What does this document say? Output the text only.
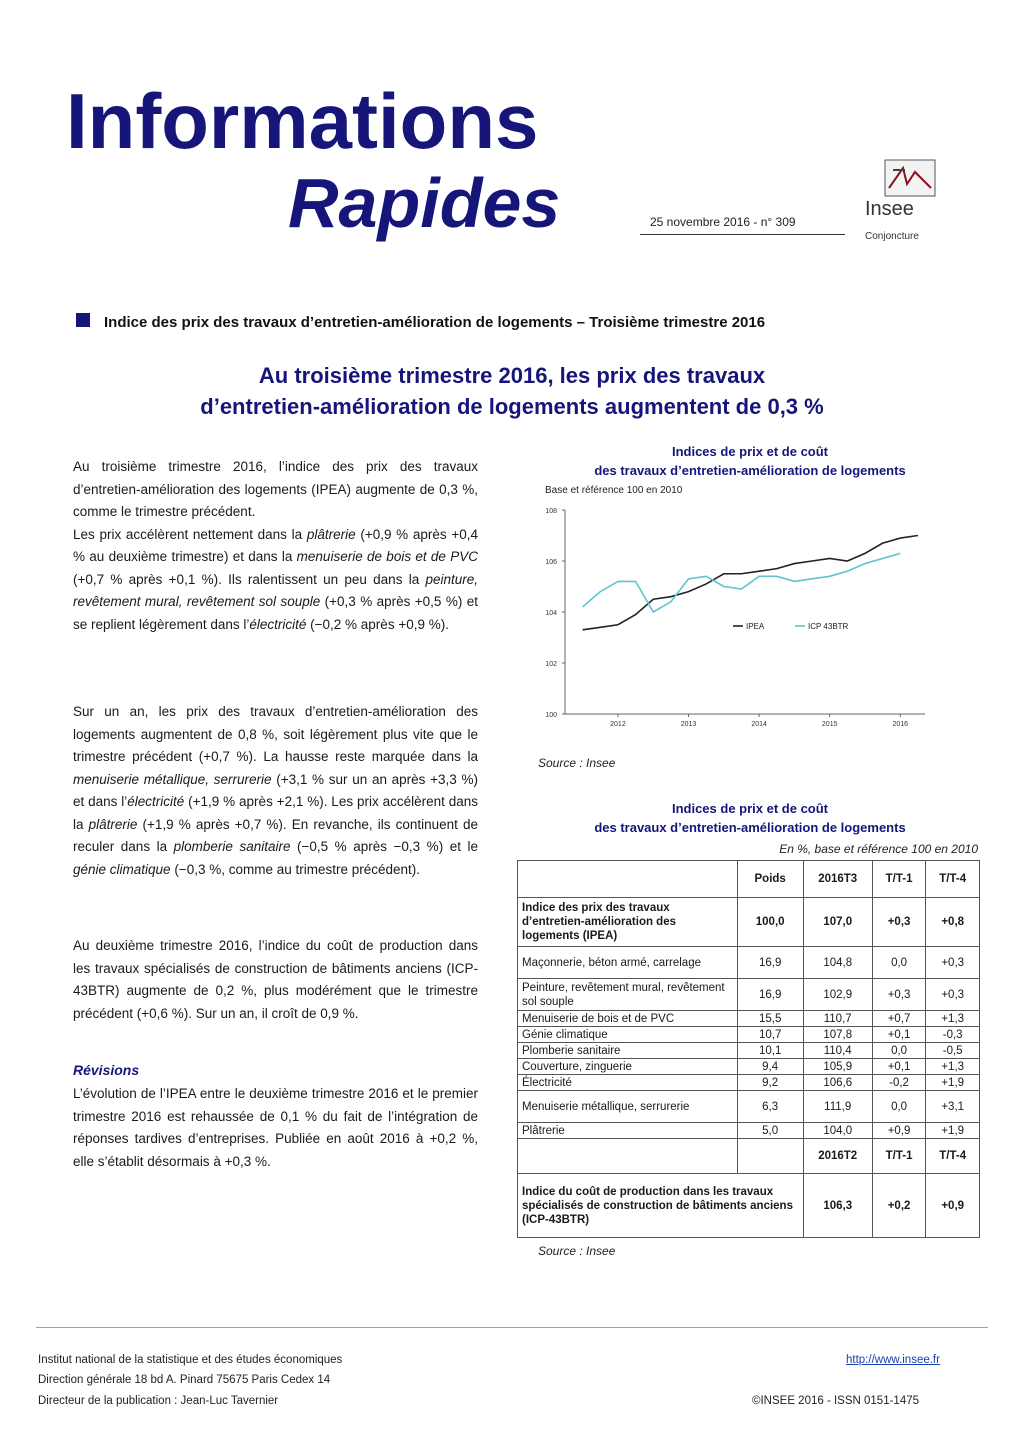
Informations
Rapides	25 novembre 2016 - n° 309
Insee
Conjoncture
Indice des prix des travaux d’entretien-amélioration de logements – Troisième trimestre 2016
Au troisième trimestre 2016, les prix des travaux
d’entretien-amélioration de logements augmentent de 0,3 %

Au troisième trimestre 2016, l’indice des prix des travaux d’entretien-amélioration des logements (IPEA) augmente de 0,3 %, comme le trimestre précédent.

Les prix accélèrent nettement dans la plâtrerie (+0,9 % après +0,4 % au deuxième trimestre) et dans la menuiserie de bois et de PVC (+0,7 % après +0,1 %). Ils ralentissent un peu dans la peinture, revêtement mural, revêtement sol souple (+0,3 % après +0,5 %) et se replient légèrement dans l’électricité (−0,2 % après +0,9 %).

Sur un an, les prix des travaux d’entretien-amélioration des logements augmentent de 0,8 %, soit légèrement plus vite que le trimestre précédent (+0,7 %). La hausse reste marquée dans la menuiserie métallique, serrurerie (+3,1 % sur un an après +3,3 %) et dans l’électricité (+1,9 % après +2,1 %). Les prix accélèrent dans la plâtrerie (+1,9 % après +0,7 %). En revanche, ils continuent de reculer dans la plomberie sanitaire (−0,5 % après −0,3 %) et le génie climatique (−0,3 %, comme au trimestre précédent).

Au deuxième trimestre 2016, l’indice du coût de production dans les travaux spécialisés de construction de bâtiments anciens (ICP-43BTR) augmente de 0,2 %, plus modérément que le trimestre précédent (+0,6 %). Sur un an, il croît de 0,9 %.

Révisions

L’évolution de l’IPEA entre le deuxième trimestre 2016 et le premier trimestre 2016 est rehaussée de 0,1 % du fait de l’intégration de réponses tardives d’entreprises. Publiée en août 2016 à +0,2 %, elle s’établit désormais à +0,3 %.

Indices de prix et de coût
des travaux d’entretien-amélioration de logements
Base et référence 100 en 2010
100
102
104
106
108
2012	2013	2014	2015	2016
IPEA	ICP 43BTR
Source : Insee
Indices de prix et de coût
des travaux d’entretien-amélioration de logements
En %, base et référence 100 en 2010
	Poids	2016T3	T/T-1	T/T-4
Indice des prix des travaux d’entretien-amélioration des logements (IPEA)	100,0	107,0	+0,3	+0,8
Maçonnerie, béton armé, carrelage	16,9	104,8	0,0	+0,3
Peinture, revêtement mural, revêtement sol souple	16,9	102,9	+0,3	+0,3
Menuiserie de bois et de PVC	15,5	110,7	+0,7	+1,3
Génie climatique	10,7	107,8	+0,1	-0,3
Plomberie sanitaire	10,1	110,4	0,0	-0,5
Couverture, zinguerie	9,4	105,9	+0,1	+1,3
Électricité	9,2	106,6	-0,2	+1,9
Menuiserie métallique, serrurerie	6,3	111,9	0,0	+3,1
Plâtrerie	5,0	104,0	+0,9	+1,9
		2016T2	T/T-1	T/T-4
Indice du coût de production dans les travaux spécialisés de construction de bâtiments anciens (ICP-43BTR)		106,3	+0,2	+0,9
Source : Insee
Institut national de la statistique et des études économiques
Direction générale 18 bd A. Pinard 75675 Paris Cedex 14
Directeur de la publication : Jean-Luc Tavernier
http://www.insee.fr
©INSEE 2016 - ISSN 0151-1475
